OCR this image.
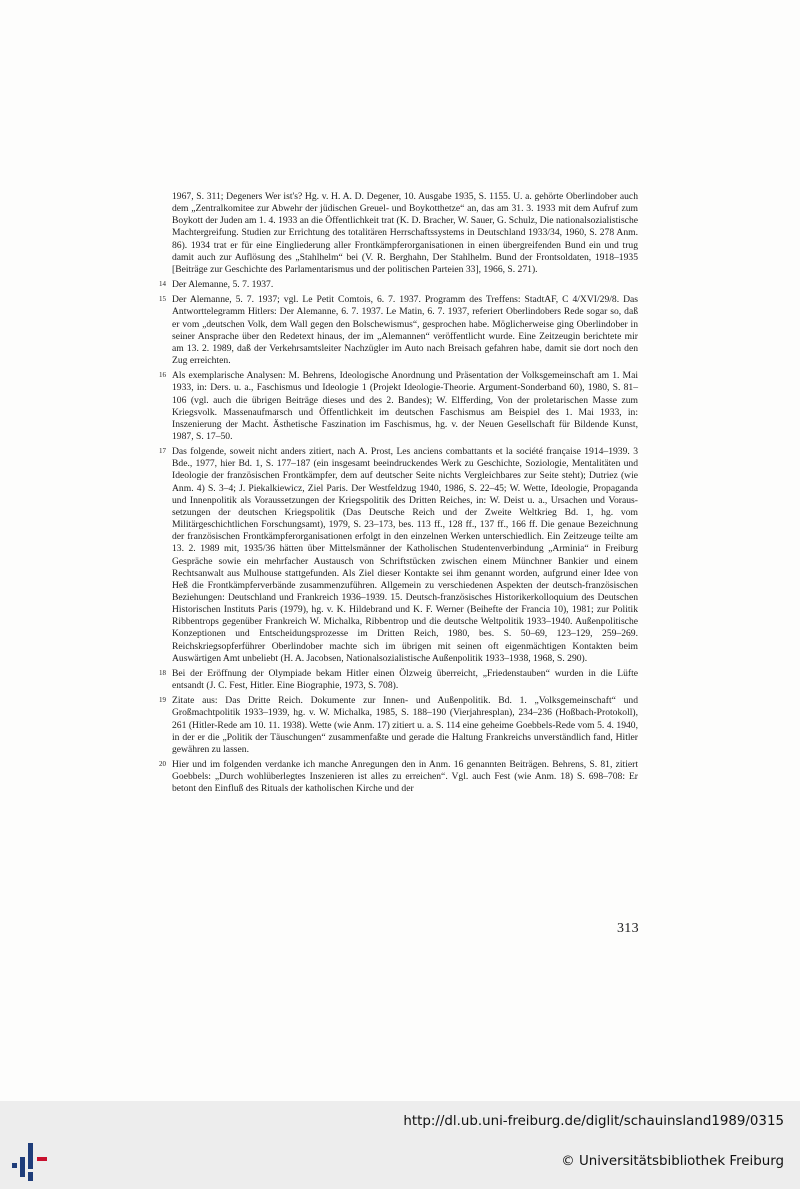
1967, S. 311; Degeners Wer ist's? Hg. v. H. A. D. Degener, 10. Ausgabe 1935, S. 1155. U. a. gehörte Oberlindober auch dem „Zentralkomitee zur Abwehr der jüdischen Greuel- und Boykotthetze“ an, das am 31. 3. 1933 mit dem Aufruf zum Boykott der Juden am 1. 4. 1933 an die Öffentlichkeit trat (K. D. Bracher, W. Sauer, G. Schulz, Die nationalsozialistische Machtergreifung. Studien zur Errichtung des totalitären Herrschaftssystems in Deutschland 1933/34, 1960, S. 278 Anm. 86). 1934 trat er für eine Eingliederung aller Frontkämpferorganisationen in einen übergreifenden Bund ein und trug damit auch zur Auflösung des „Stahlhelm“ bei (V. R. Berghahn, Der Stahlhelm. Bund der Frontsoldaten, 1918–1935 [Beiträge zur Geschichte des Parlamentarismus und der politischen Parteien 33], 1966, S. 271).

14 Der Alemanne, 5. 7. 1937.

15 Der Alemanne, 5. 7. 1937; vgl. Le Petit Comtois, 6. 7. 1937. Programm des Treffens: StadtAF, C 4/XVI/29/8. Das Antworttelegramm Hitlers: Der Alemanne, 6. 7. 1937. Le Matin, 6. 7. 1937, referiert Oberlindobers Rede sogar so, daß er vom „deutschen Volk, dem Wall gegen den Bolschewismus“, gesprochen habe. Möglicherweise ging Oberlindober in seiner Ansprache über den Redetext hinaus, der im „Alemannen“ veröffentlicht wurde. Eine Zeitzeugin berichtete mir am 13. 2. 1989, daß der Verkehrsamtsleiter Nachzügler im Auto nach Breisach gefahren habe, damit sie dort noch den Zug erreichten.

16 Als exemplarische Analysen: M. Behrens, Ideologische Anordnung und Präsentation der Volksgemeinschaft am 1. Mai 1933, in: Ders. u. a., Faschismus und Ideologie 1 (Projekt Ideologie-Theorie. Argument-Sonderband 60), 1980, S. 81–106 (vgl. auch die übrigen Beiträge dieses und des 2. Bandes); W. Elfferding, Von der proletarischen Masse zum Kriegsvolk. Massenaufmarsch und Öffentlichkeit im deutschen Faschismus am Beispiel des 1. Mai 1933, in: Inszenierung der Macht. Ästhetische Faszination im Faschismus, hg. v. der Neuen Gesellschaft für Bildende Kunst, 1987, S. 17–50.

17 Das folgende, soweit nicht anders zitiert, nach A. Prost, Les anciens combattants et la société française 1914–1939. 3 Bde., 1977, hier Bd. 1, S. 177–187 (ein insgesamt beeindruckendes Werk zu Geschichte, Soziologie, Mentalitäten und Ideologie der französischen Frontkämpfer, dem auf deutscher Seite nichts Vergleichbares zur Seite steht); Dutriez (wie Anm. 4) S. 3–4; J. Piekalkiewicz, Ziel Paris. Der Westfeldzug 1940, 1986, S. 22–45; W. Wette, Ideologie, Propaganda und Innenpolitik als Voraussetzungen der Kriegspolitik des Dritten Reiches, in: W. Deist u. a., Ursachen und Voraussetzungen der deutschen Kriegspolitik (Das Deutsche Reich und der Zweite Weltkrieg Bd. 1, hg. vom Militärgeschichtlichen Forschungsamt), 1979, S. 23–173, bes. 113 ff., 128 ff., 137 ff., 166 ff. Die genaue Bezeichnung der französischen Frontkämpferorganisationen erfolgt in den einzelnen Werken unterschiedlich. Ein Zeitzeuge teilte am 13. 2. 1989 mit, 1935/36 hätten über Mittelsmänner der Katholischen Studentenverbindung „Arminia“ in Freiburg Gespräche sowie ein mehrfacher Austausch von Schriftstücken zwischen einem Münchner Bankier und einem Rechtsanwalt aus Mulhouse stattgefunden. Als Ziel dieser Kontakte sei ihm genannt worden, aufgrund einer Idee von Heß die Frontkämpferverbände zusammenzuführen. Allgemein zu verschiedenen Aspekten der deutsch-französischen Beziehungen: Deutschland und Frankreich 1936–1939. 15. Deutsch-französisches Historikerkolloquium des Deutschen Historischen Instituts Paris (1979), hg. v. K. Hildebrand und K. F. Werner (Beihefte der Francia 10), 1981; zur Politik Ribbentrops gegenüber Frankreich W. Michalka, Ribbentrop und die deutsche Weltpolitik 1933–1940. Außenpolitische Konzeptionen und Entscheidungsprozesse im Dritten Reich, 1980, bes. S. 50–69, 123–129, 259–269. Reichskriegsopferführer Oberlindober machte sich im übrigen mit seinen oft eigenmächtigen Kontakten beim Auswärtigen Amt unbeliebt (H. A. Jacobsen, Nationalsozialistische Außenpolitik 1933–1938, 1968, S. 290).

18 Bei der Eröffnung der Olympiade bekam Hitler einen Ölzweig überreicht, „Friedenstauben“ wurden in die Lüfte entsandt (J. C. Fest, Hitler. Eine Biographie, 1973, S. 708).

19 Zitate aus: Das Dritte Reich. Dokumente zur Innen- und Außenpolitik. Bd. 1. „Volksgemeinschaft“ und Großmachtpolitik 1933–1939, hg. v. W. Michalka, 1985, S. 188–190 (Vierjahresplan), 234–236 (Hoßbach-Protokoll), 261 (Hitler-Rede am 10. 11. 1938). Wette (wie Anm. 17) zitiert u. a. S. 114 eine geheime Goebbels-Rede vom 5. 4. 1940, in der er die „Politik der Täuschungen“ zusammenfaßte und gerade die Haltung Frankreichs unverständlich fand, Hitler gewähren zu lassen.

20 Hier und im folgenden verdanke ich manche Anregungen den in Anm. 16 genannten Beiträgen. Behrens, S. 81, zitiert Goebbels: „Durch wohlüberlegtes Inszenieren ist alles zu erreichen“. Vgl. auch Fest (wie Anm. 18) S. 698–708: Er betont den Einfluß des Rituals der katholischen Kirche und der

313
http://dl.ub.uni-freiburg.de/diglit/schauinsland1989/0315
© Universitätsbibliothek Freiburg
